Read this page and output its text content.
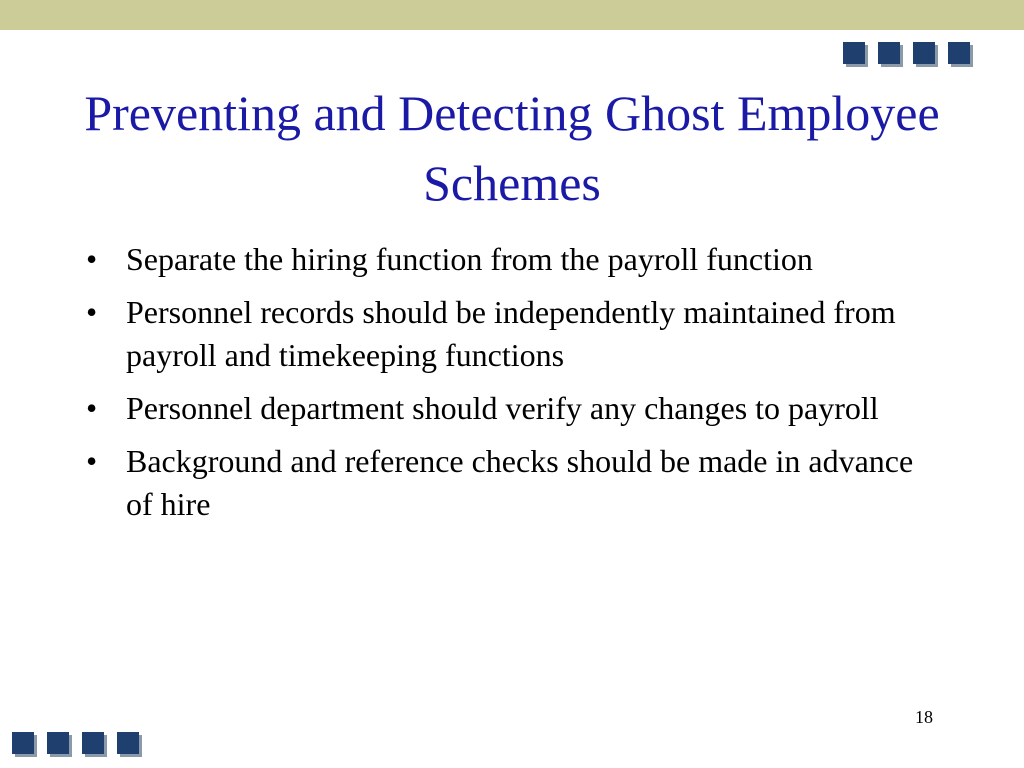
Preventing and Detecting Ghost Employee Schemes
• Separate the hiring function from the payroll function
• Personnel records should be independently maintained from payroll and timekeeping functions
• Personnel department should verify any changes to payroll
• Background and reference checks should be made in advance of hire
18
